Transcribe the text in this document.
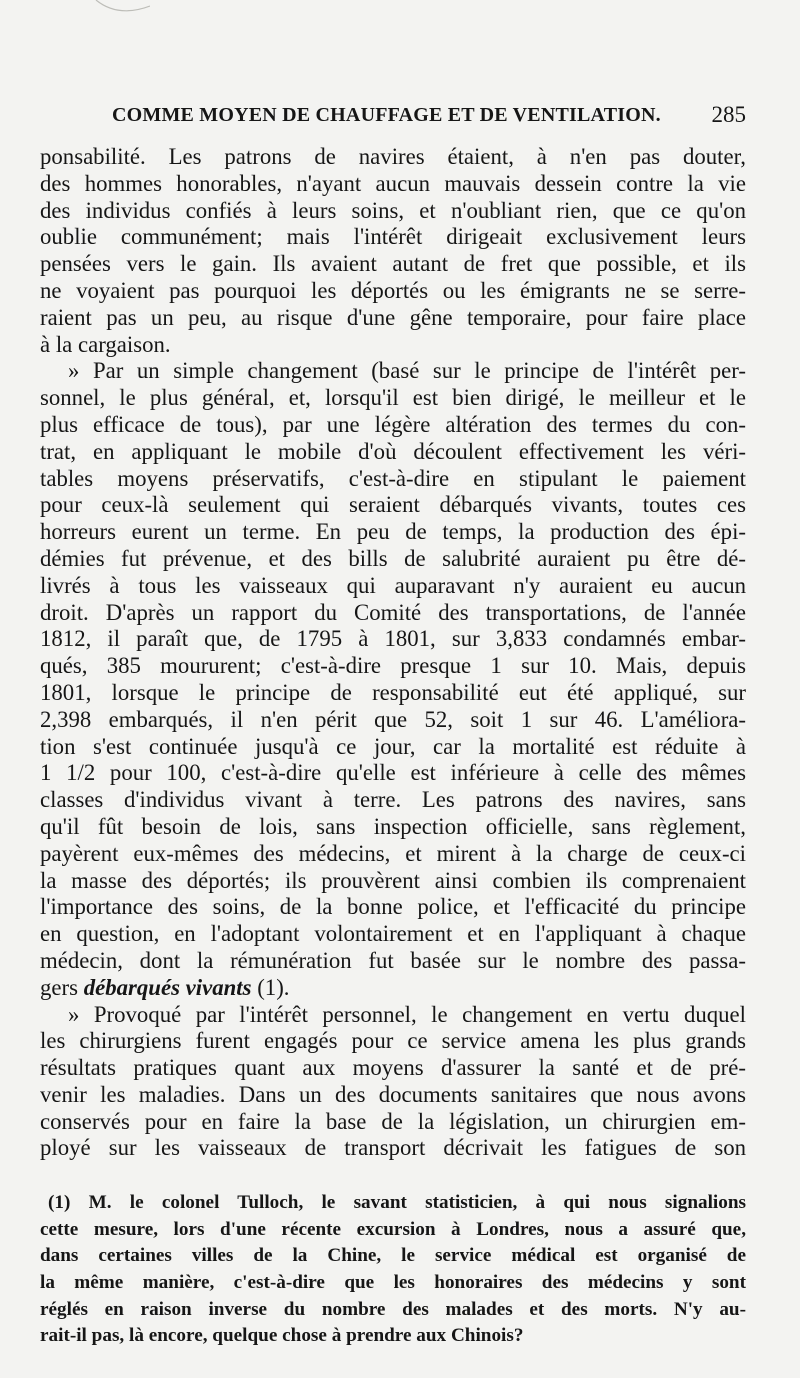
COMME MOYEN DE CHAUFFAGE ET DE VENTILATION. 285
ponsabilité. Les patrons de navires étaient, à n'en pas douter,
des hommes honorables, n'ayant aucun mauvais dessein contre la vie
des individus confiés à leurs soins, et n'oubliant rien, que ce qu'on
oublie communément; mais l'intérêt dirigeait exclusivement leurs
pensées vers le gain. Ils avaient autant de fret que possible, et ils
ne voyaient pas pourquoi les déportés ou les émigrants ne se serre-
raient pas un peu, au risque d'une gêne temporaire, pour faire place
à la cargaison.
» Par un simple changement (basé sur le principe de l'intérêt per-
sonnel, le plus général, et, lorsqu'il est bien dirigé, le meilleur et le
plus efficace de tous), par une légère altération des termes du con-
trat, en appliquant le mobile d'où découlent effectivement les véri-
tables moyens préservatifs, c'est-à-dire en stipulant le paiement
pour ceux-là seulement qui seraient débarqués vivants, toutes ces
horreurs eurent un terme. En peu de temps, la production des épi-
démies fut prévenue, et des bills de salubrité auraient pu être dé-
livrés à tous les vaisseaux qui auparavant n'y auraient eu aucun
droit. D'après un rapport du Comité des transportations, de l'année
1812, il paraît que, de 1795 à 1801, sur 3,833 condamnés embar-
qués, 385 moururent; c'est-à-dire presque 1 sur 10. Mais, depuis
1801, lorsque le principe de responsabilité eut été appliqué, sur
2,398 embarqués, il n'en périt que 52, soit 1 sur 46. L'améliora-
tion s'est continuée jusqu'à ce jour, car la mortalité est réduite à
1 1/2 pour 100, c'est-à-dire qu'elle est inférieure à celle des mêmes
classes d'individus vivant à terre. Les patrons des navires, sans
qu'il fût besoin de lois, sans inspection officielle, sans règlement,
payèrent eux-mêmes des médecins, et mirent à la charge de ceux-ci
la masse des déportés; ils prouvèrent ainsi combien ils comprenaient
l'importance des soins, de la bonne police, et l'efficacité du principe
en question, en l'adoptant volontairement et en l'appliquant à chaque
médecin, dont la rémunération fut basée sur le nombre des passa-
gers débarqués vivants (1).
» Provoqué par l'intérêt personnel, le changement en vertu duquel
les chirurgiens furent engagés pour ce service amena les plus grands
résultats pratiques quant aux moyens d'assurer la santé et de pré-
venir les maladies. Dans un des documents sanitaires que nous avons
conservés pour en faire la base de la législation, un chirurgien em-
ployé sur les vaisseaux de transport décrivait les fatigues de son
(1) M. le colonel Tulloch, le savant statisticien, à qui nous signalions
cette mesure, lors d'une récente excursion à Londres, nous a assuré que,
dans certaines villes de la Chine, le service médical est organisé de
la même manière, c'est-à-dire que les honoraires des médecins y sont
réglés en raison inverse du nombre des malades et des morts. N'y au-
rait-il pas, là encore, quelque chose à prendre aux Chinois?
